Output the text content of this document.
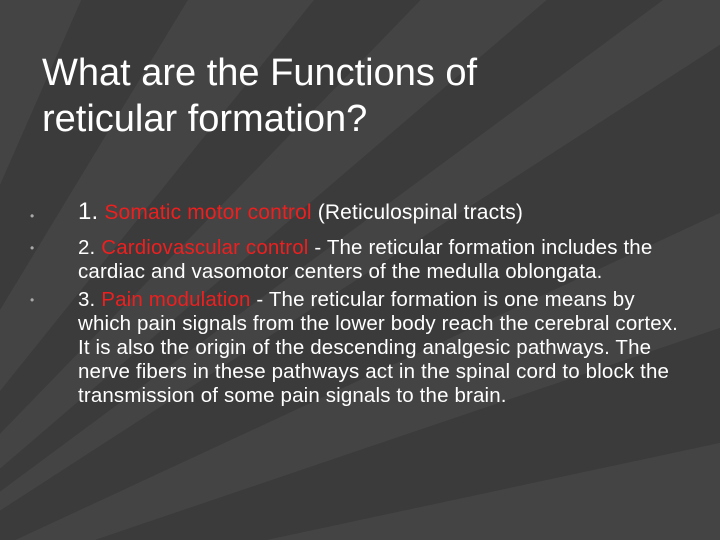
What are the Functions of
reticular formation?
• 1. Somatic motor control (Reticulospinal tracts)
• 2. Cardiovascular control - The reticular formation includes the cardiac and vasomotor centers of the medulla oblongata.
• 3. Pain modulation - The reticular formation is one means by which pain signals from the lower body reach the cerebral cortex. It is also the origin of the descending analgesic pathways. The nerve fibers in these pathways act in the spinal cord to block the transmission of some pain signals to the brain.
